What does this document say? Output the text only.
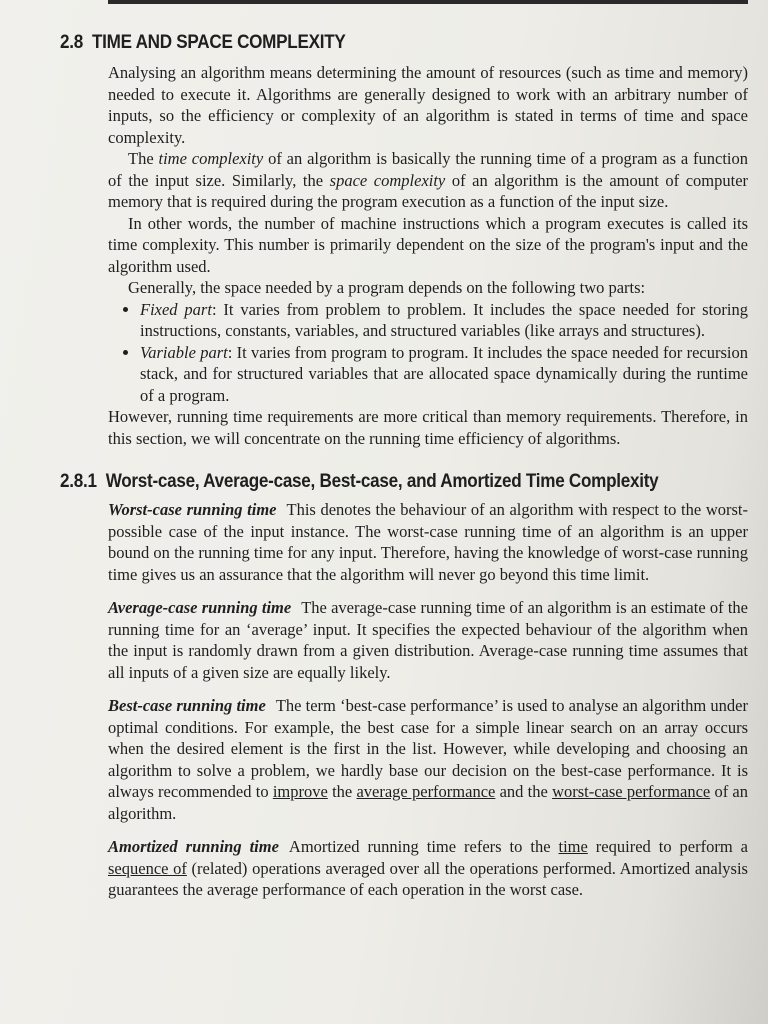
2.8 TIME AND SPACE COMPLEXITY

Analysing an algorithm means determining the amount of resources (such as time and memory) needed to execute it. Algorithms are generally designed to work with an arbitrary number of inputs, so the efficiency or complexity of an algorithm is stated in terms of time and space complexity.

The time complexity of an algorithm is basically the running time of a program as a function of the input size. Similarly, the space complexity of an algorithm is the amount of computer memory that is required during the program execution as a function of the input size.

In other words, the number of machine instructions which a program executes is called its time complexity. This number is primarily dependent on the size of the program's input and the algorithm used.

Generally, the space needed by a program depends on the following two parts:

• Fixed part: It varies from problem to problem. It includes the space needed for storing instructions, constants, variables, and structured variables (like arrays and structures).
• Variable part: It varies from program to program. It includes the space needed for recursion stack, and for structured variables that are allocated space dynamically during the runtime of a program.

However, running time requirements are more critical than memory requirements. Therefore, in this section, we will concentrate on the running time efficiency of algorithms.

2.8.1 Worst-case, Average-case, Best-case, and Amortized Time Complexity

Worst-case running time This denotes the behaviour of an algorithm with respect to the worst-possible case of the input instance. The worst-case running time of an algorithm is an upper bound on the running time for any input. Therefore, having the knowledge of worst-case running time gives us an assurance that the algorithm will never go beyond this time limit.

Average-case running time The average-case running time of an algorithm is an estimate of the running time for an ‘average’ input. It specifies the expected behaviour of the algorithm when the input is randomly drawn from a given distribution. Average-case running time assumes that all inputs of a given size are equally likely.

Best-case running time The term ‘best-case performance’ is used to analyse an algorithm under optimal conditions. For example, the best case for a simple linear search on an array occurs when the desired element is the first in the list. However, while developing and choosing an algorithm to solve a problem, we hardly base our decision on the best-case performance. It is always recommended to improve the average performance and the worst-case performance of an algorithm.

Amortized running time Amortized running time refers to the time required to perform a sequence of (related) operations averaged over all the operations performed. Amortized analysis guarantees the average performance of each operation in the worst case.
